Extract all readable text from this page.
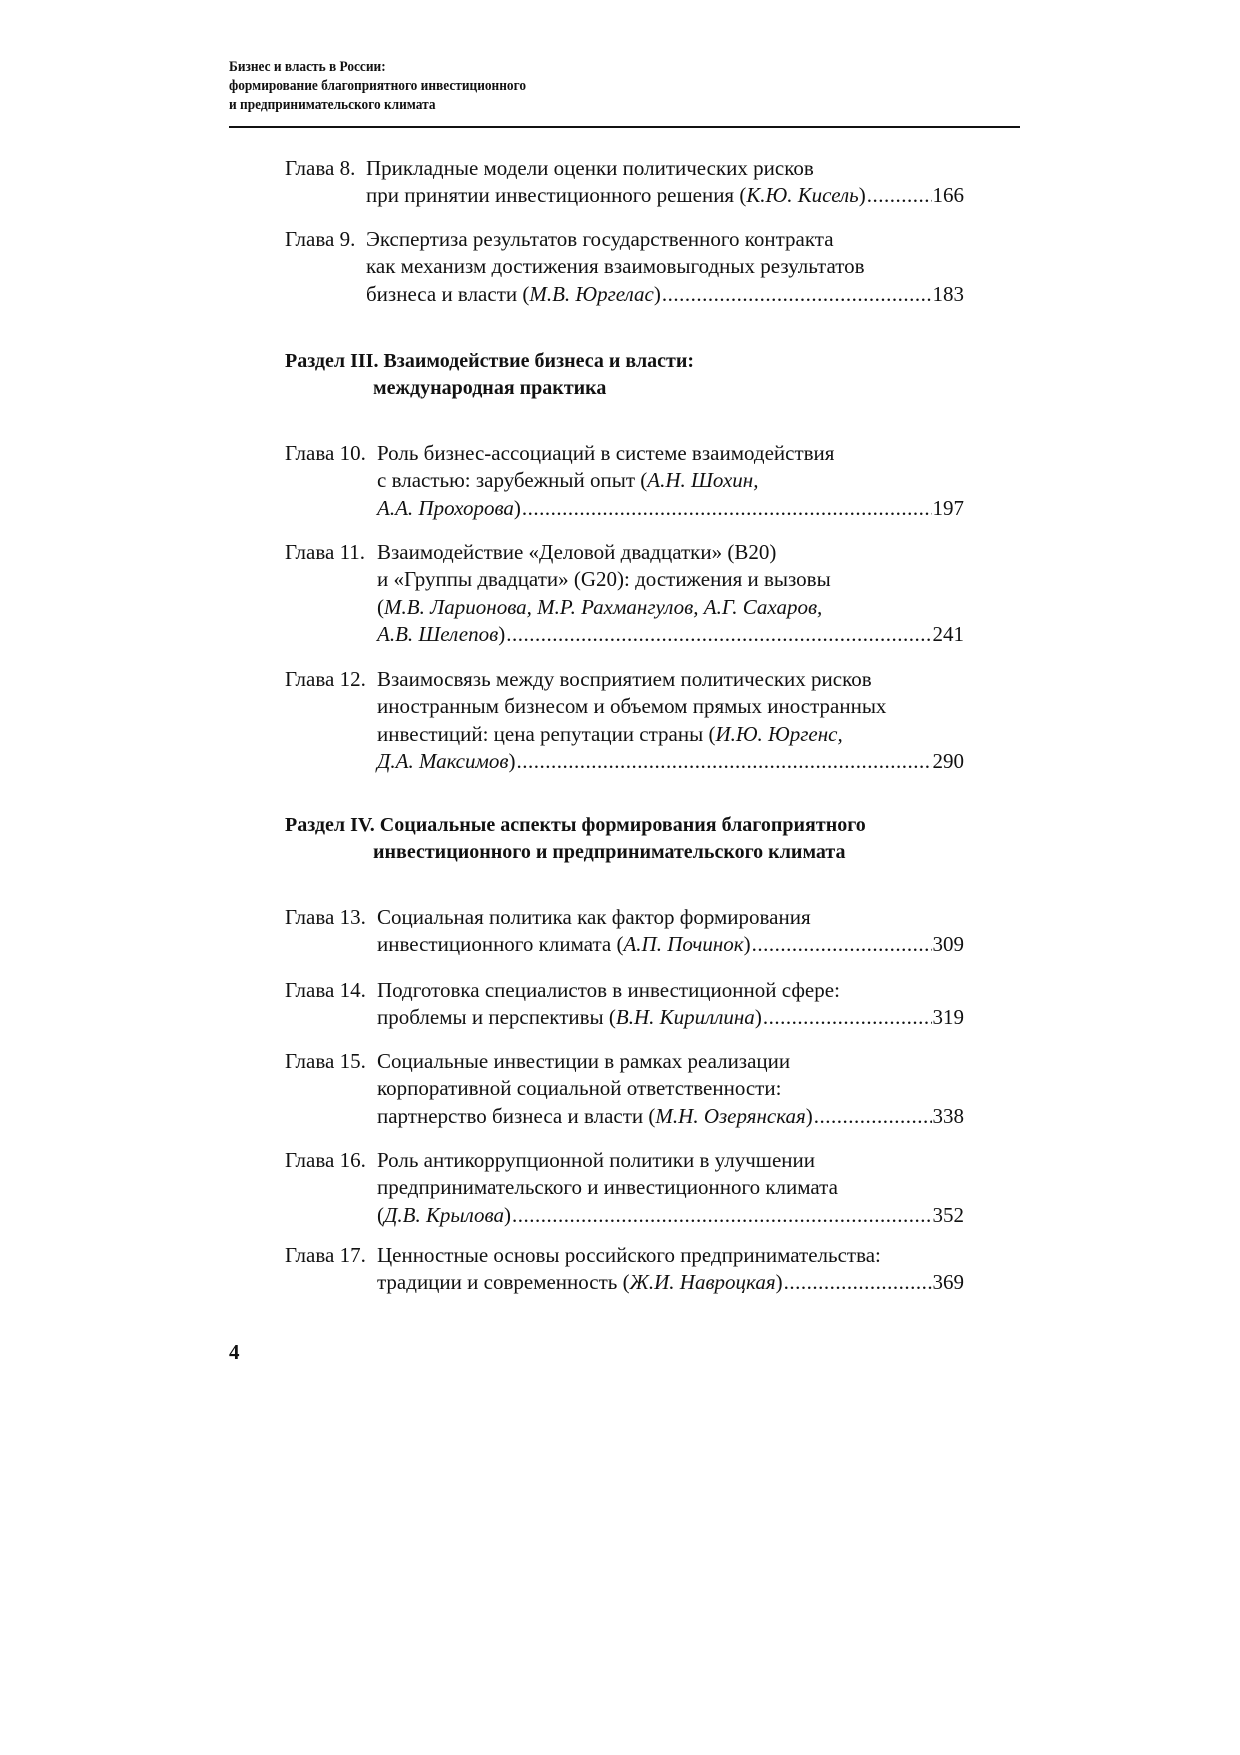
Бизнес и власть в России:
формирование благоприятного инвестиционного
и предпринимательского климата
Глава 8. Прикладные модели оценки политических рисков
при принятии инвестиционного решения (К.Ю. Кисель) .....	166
Глава 9. Экспертиза результатов государственного контракта
как механизм достижения взаимовыгодных результатов
бизнеса и власти (М.В. Юргелас) .....	183
Глава 10. Роль бизнес-ассоциаций в системе взаимодействия
с властью: зарубежный опыт (А.Н. Шохин,
А.А. Прохорова) .....	197
Глава 11. Взаимодействие «Деловой двадцатки» (B20)
и «Группы двадцати» (G20): достижения и вызовы
(М.В. Ларионова, М.Р. Рахмангулов, А.Г. Сахаров,
А.В. Шелепов) .....	241
Глава 12. Взаимосвязь между восприятием политических рисков
иностранным бизнесом и объемом прямых иностранных
инвестиций: цена репутации страны (И.Ю. Юргенс,
Д.А. Максимов) .....	290
Глава 13. Социальная политика как фактор формирования
инвестиционного климата (А.П. Починок) .....	309
Глава 14. Подготовка специалистов в инвестиционной сфере:
проблемы и перспективы (В.Н. Кириллина) .....	319
Глава 15. Социальные инвестиции в рамках реализации
корпоративной социальной ответственности:
партнерство бизнеса и власти (М.Н. Озерянская) .....	338
Глава 16. Роль антикоррупционной политики в улучшении
предпринимательского и инвестиционного климата
(Д.В. Крылова) .....	352
Глава 17. Ценностные основы российского предпринимательства:
традиции и современность (Ж.И. Навроцкая) .....	369
Раздел III. Взаимодействие бизнеса и власти:
международная практика
Раздел IV. Социальные аспекты формирования благоприятного
инвестиционного и предпринимательского климата
4
